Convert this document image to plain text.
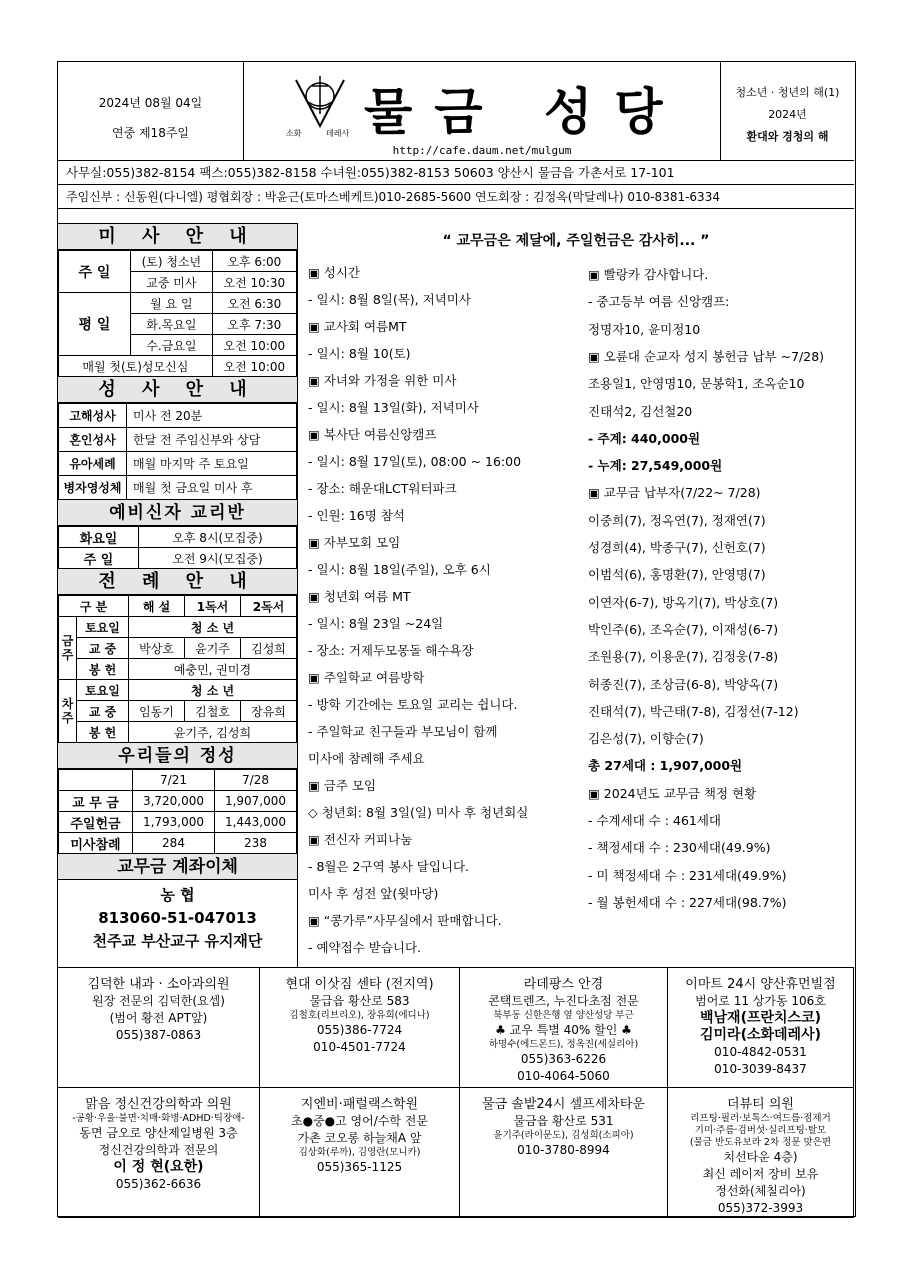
2024년 08월 04일
연중 제18주일	소화	데레사 물금 성당
http://cafe.daum.net/mulgum
청소년 · 청년의 해(1)
2024년
환대와 경청의 해
사무실:055)382-8154 팩스:055)382-8158 수녀원:055)382-8153 50603 양산시 물금읍 가촌서로 17-101
주임신부 : 신동원(다니엘) 평협회장 : 박윤근(토마스베케트)010-2685-5600 연도회장 : 김정옥(막달레나) 010-8381-6334
미 사 안 내
주 일	(토) 청소년	오후 6:00
	교중 미사	오전 10:30
평 일	월 요 일	오전 6:30
	화.목요일	오후 7:30
	수.금요일	오전 10:00
매월 첫(토)성모신심		오전 10:00
성 사 안 내
고해성사	미사 전 20분
혼인성사	한달 전 주임신부와 상담
유아세례	매월 마지막 주 토요일
병자영성체	매월 첫 금요일 미사 후
예비신자 교리반
화요일	오후 8시(모집중)
주 일	오전 9시(모집중)
전 례 안 내
구 분		해 설	1독서	2독서
금주	토요일	청 소 년		
	교 중	박상호	윤기주	김성희
	봉 헌	예충민, 권미경		
차주	토요일	청 소 년		
	교 중	임동기	김철호	장유희
	봉 헌	윤기주, 김성희		
우리들의 정성
	7/21	7/28
교 무 금	3,720,000	1,907,000
주일헌금	1,793,000	1,443,000
미사참례	284	238
교무금 계좌이체
농 협
813060-51-047013
천주교 부산교구 유지재단
“ 교무금은 제달에, 주일헌금은 감사히... ”
▣ 성시간
- 일시: 8월 8일(목), 저녁미사
▣ 교사회 여름MT
- 일시: 8월 10(토)
▣ 자녀와 가정을 위한 미사
- 일시: 8월 13일(화), 저녁미사
▣ 복사단 여름신앙캠프
- 일시: 8월 17일(토), 08:00 ~ 16:00
- 장소: 해운대LCT워터파크
- 인원: 16명 참석
▣ 자부모회 모임
- 일시: 8월 18일(주일), 오후 6시
▣ 청년회 여름 MT
- 일시: 8월 23일 ~24일
- 장소: 거제두모몽돌 해수욕장
▣ 주일학교 여름방학
- 방학 기간에는 토요일 교리는 쉽니다.
- 주일학교 친구들과 부모님이 함께
미사에 참례해 주세요
▣ 금주 모임
◇ 청년회: 8월 3일(일) 미사 후 청년회실
▣ 전신자 커피나눔
- 8월은 2구역 봉사 달입니다.
미사 후 성전 앞(윗마당)
▣ “콩가루”사무실에서 판매합니다.
- 예약접수 받습니다.
▣ 빨랑카 감사합니다.
- 중고등부 여름 신앙캠프:
정명자10, 윤미정10
▣ 오륜대 순교자 성지 봉헌금 납부 ~7/28)
조용일1, 안영명10, 문봉학1, 조옥순10
진태석2, 김선철20
- 주계: 440,000원
- 누계: 27,549,000원
▣ 교무금 납부자(7/22~ 7/28)
이중희(7), 정옥연(7), 정재연(7)
성경희(4), 박종구(7), 신헌호(7)
이범석(6), 홍명환(7), 안영명(7)
이연자(6-7), 방옥기(7), 박상호(7)
박인주(6), 조옥순(7), 이재성(6-7)
조원용(7), 이용운(7), 김정웅(7-8)
허종진(7), 조상금(6-8), 박양옥(7)
진태석(7), 박근태(7-8), 김정선(7-12)
김은성(7), 이향순(7)
총 27세대 : 1,907,000원
▣ 2024년도 교무금 책정 현황
- 수계세대 수 : 461세대
- 책정세대 수 : 230세대(49.9%)
- 미 책정세대 수 : 231세대(49.9%)
- 월 봉헌세대 수 : 227세대(98.7%)
김덕한 내과 · 소아과의원
원장 전문의 김덕한(요셉)
(범어 황전 APT앞)
055)387-0863
현대 이삿짐 센타 (전지역)
물급읍 황산로 583
김철호(리브리오), 장유희(에디나)
055)386-7724
010-4501-7724
라데팡스 안경
콘택트렌즈, 누진다초점 전문
북부동 신한은행 옆 양산성당 부근
♣ 교우 특별 40% 할인 ♣
하명수(에드몬드), 정옥진(세실리아)
055)363-6226
010-4064-5060
이마트 24시 양산휴먼빌점
범어로 11 상가동 106호
백남재(프란치스코)
김미라(소화데레사)
010-4842-0531
010-3039-8437
맑음 정신건강의학과 의원
-공황·우울·불면·치매·화병·ADHD·틱장애-
동면 금오로 양산제일병원 3층
정신건강의학과 전문의
이 정 현(요한)
055)362-6636
지엔비·패럴랙스학원
초●중●고 영어/수학 전문
가촌 코오롱 하늘채A 앞
김상화(루까), 김영란(모니카)
055)365-1125
물금 솔밭24시 셀프세차타운
물금읍 황산로 531
윤기주(라이문도), 김성희(소피아)
010-3780-8994
더뷰티 의원
리프팅·필러·보톡스·여드름·점제거
기미·주름·검버섯·실리프팅·탈모
(물금 반도유보라 2차 정문 맞은편
치선타운 4층)
최신 레이저 장비 보유
정선화(체칠리아)
055)372-3993
